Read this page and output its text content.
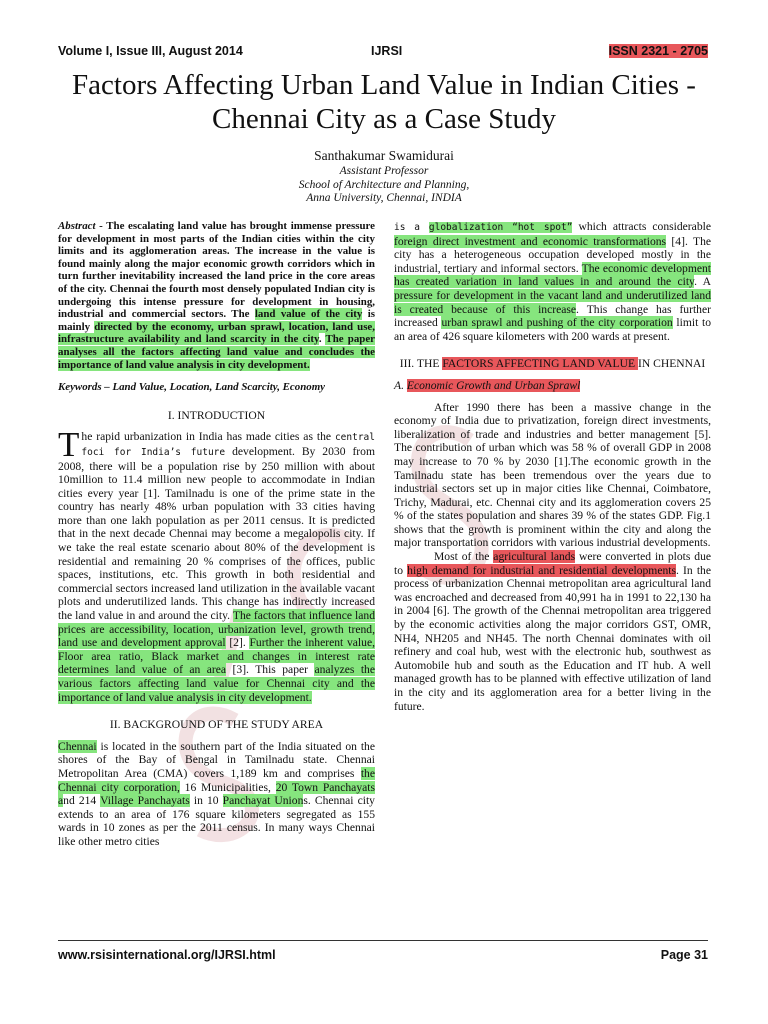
Volume I, Issue III, August 2014	IJRSI	ISSN 2321 - 2705
Factors Affecting Urban Land Value in Indian Cities - Chennai City as a Case Study
Santhakumar Swamidurai
Assistant Professor
School of Architecture and Planning,
Anna University, Chennai, INDIA

Abstract - The escalating land value has brought immense pressure for development in most parts of the Indian cities within the city limits and its agglomeration areas. The increase in the value is found mainly along the major economic growth corridors which in turn further inevitability increased the land price in the core areas of the city. Chennai the fourth most densely populated Indian city is undergoing this intense pressure for development in housing, industrial and commercial sectors. The land value of the city is mainly directed by the economy, urban sprawl, location, land use, infrastructure availability and land scarcity in the city. The paper analyses all the factors affecting land value and concludes the importance of land value analysis in city development.

Keywords – Land Value, Location, Land Scarcity, Economy

I. INTRODUCTION

The rapid urbanization in India has made cities as the central foci for India’s future development. By 2030 from 2008, there will be a population rise by 250 million with about 10million to 11.4 million new people to accommodate in Indian cities every year [1]. Tamilnadu is one of the prime state in the country has nearly 48% urban population with 33 cities having more than one lakh population as per 2011 census. It is predicted that in the next decade Chennai may become a megalopolis city. If we take the real estate scenario about 80% of the development is residential and remaining 20 % comprises of the offices, public spaces, institutions, etc. This growth in both residential and commercial sectors increased land utilization in the available vacant plots and underutilized lands. This change has indirectly increased the land value in and around the city. The factors that influence land prices are accessibility, location, urbanization level, growth trend, land use and development approval [2]. Further the inherent value, Floor area ratio, Black market and changes in interest rate determines land value of an area [3]. This paper analyzes the various factors affecting land value for Chennai city and the importance of land value analysis in city development.

II. BACKGROUND OF THE STUDY AREA

Chennai is located in the southern part of the India situated on the shores of the Bay of Bengal in Tamilnadu state. Chennai Metropolitan Area (CMA) covers 1,189 km and comprises the Chennai city corporation, 16 Municipalities, 20 Town Panchayats and 214 Village Panchayats in 10 Panchayat Unions. Chennai city extends to an area of 176 square kilometers segregated as 155 wards in 10 zones as per the 2011 census. In many ways Chennai like other metro cities

is a globalization “hot spot” which attracts considerable foreign direct investment and economic transformations [4]. The city has a heterogeneous occupation developed mostly in the industrial, tertiary and informal sectors. The economic development has created variation in land values in and around the city. A pressure for development in the vacant land and underutilized land is created because of this increase. This change has further increased urban sprawl and pushing of the city corporation limit to an area of 426 square kilometers with 200 wards at present.

III. THE FACTORS AFFECTING LAND VALUE IN CHENNAI

A. Economic Growth and Urban Sprawl

After 1990 there has been a massive change in the economy of India due to privatization, foreign direct investments, liberalization of trade and industries and better management [5]. The contribution of urban which was 58 % of overall GDP in 2008 may increase to 70 % by 2030 [1].The economic growth in the Tamilnadu state has been tremendous over the years due to industrial sectors set up in major cities like Chennai, Coimbatore, Trichy, Madurai, etc. Chennai city and its agglomeration covers 25 % of the states population and shares 39 % of the states GDP. Fig.1 shows that the growth is prominent within the city and along the major transportation corridors with various industrial developments.

Most of the agricultural lands were converted in plots due to high demand for industrial and residential developments. In the process of urbanization Chennai metropolitan area agricultural land was encroached and decreased from 40,991 ha in 1991 to 22,130 ha in 2004 [6]. The growth of the Chennai metropolitan area triggered by the economic activities along the major corridors GST, OMR, NH4, NH205 and NH45. The north Chennai dominates with oil refinery and coal hub, west with the electronic hub, southwest as Automobile hub and south as the Education and IT hub. A well managed growth has to be planned with effective utilization of land in the city and its agglomeration area for a better living in the future.

www.rsisinternational.org/IJRSI.html	Page 31
